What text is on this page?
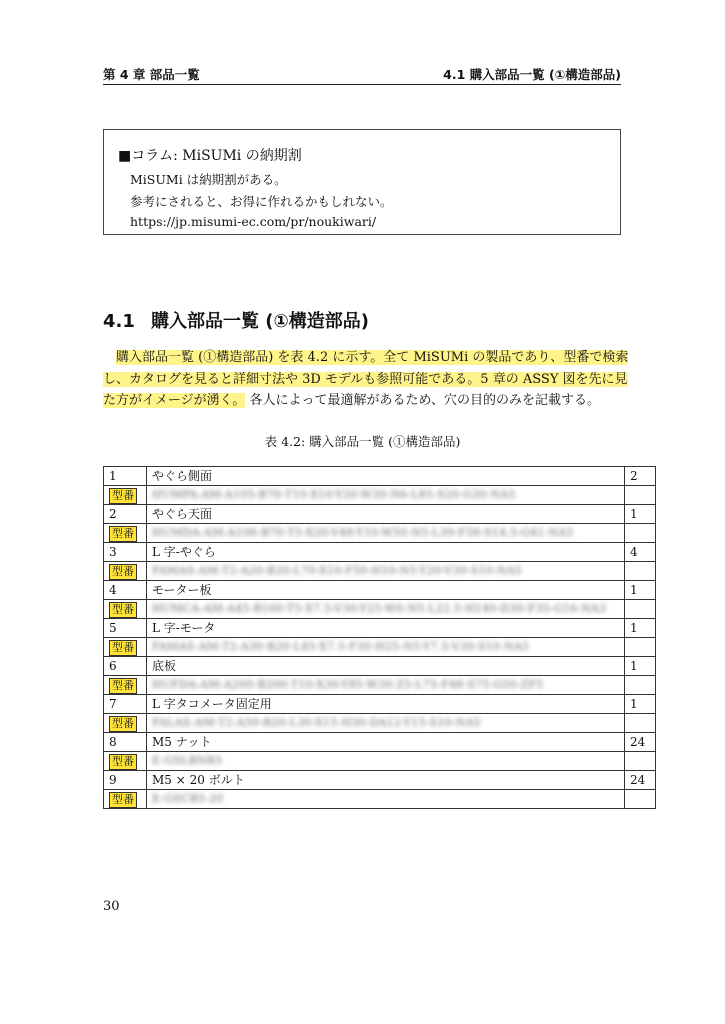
第 4 章 部品一覧	4.1 購入部品一覧 (①構造部品)
■コラム: MiSUMi の納期割
MiSUMi は納期割がある。
参考にされると、お得に作れるかもしれない。
https://jp.misumi-ec.com/pr/noukiwari/
4.1 購入部品一覧 (①構造部品)
購入部品一覧 (①構造部品) を表 4.2 に示す。全て MiSUMi の製品であり、型番で検索
し、カタログを見ると詳細寸法や 3D モデルも参照可能である。5 章の ASSY 図を先に見
た方がイメージが湧く。 各人によって最適解があるため、穴の目的のみを記載する。
表 4.2: 購入部品一覧 (①構造部品)
1	やぐら側面	2
型番	HUMPA-AM-A105-B70-T10-X10-Y20-W30-N6-L85-S20-G30-NA5	
2	やぐら天面	1
型番	HUMDA-AM-A106-B70-T5-X20-V48-Y10-W50-N5-L39-F58-S14.5-G41-NA5	
3	L 字-やぐら	4
型番	FAMAS-AM-T2-A20-B20-L70-X10-F50-H10-N5-Y20-V30-S10-NA5	
4	モーター板	1
型番	HUMCA-AM-A45-B160-T5-X7.5-V30-Y25-W0-N5-L22.5-H140-D30-F35-G16-NA3	
5	L 字-モータ	1
型番	FAMAS-AM-T2-A30-B20-L45-X7.5-F30-H25-N5-Y7.5-V30-S10-NA5	
6	底板	1
型番	HUFDA-AM-A200-B200-T10-X30-Y85-W30-Z5-L75-F48-S75-G50-ZF5	
7	L 字タコメータ固定用	1
型番	FALAS-AM-T2-A50-B20-L30-X15-H30-DA12-Y15-S10-NA5	
8	M5 ナット	24
型番	E-GSLBNR5	
9	M5 × 20 ボルト	24
型番	E-GSCB5-20	
30
